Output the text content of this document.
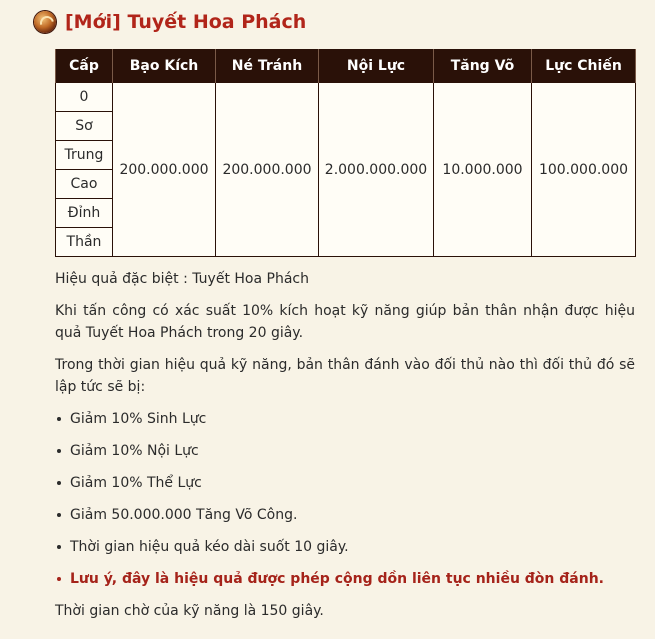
[Mới] Tuyết Hoa Phách
Cấp	Bạo Kích	Né Tránh	Nội Lực	Tăng Võ	Lực Chiến
0	200.000.000	200.000.000	2.000.000.000	10.000.000	100.000.000
Sơ					
Trung					
Cao					
Đỉnh					
Thần					

Hiệu quả đặc biệt : Tuyết Hoa Phách

Khi tấn công có xác suất 10% kích hoạt kỹ năng giúp bản thân nhận được hiệu quả Tuyết Hoa Phách trong 20 giây.

Trong thời gian hiệu quả kỹ năng, bản thân đánh vào đối thủ nào thì đối thủ đó sẽ lập tức sẽ bị:

Giảm 10% Sinh Lực
Giảm 10% Nội Lực
Giảm 10% Thể Lực
Giảm 50.000.000 Tăng Võ Công.
Thời gian hiệu quả kéo dài suốt 10 giây.
Lưu ý, đây là hiệu quả được phép cộng dồn liên tục nhiều đòn đánh.

Thời gian chờ của kỹ năng là 150 giây.
